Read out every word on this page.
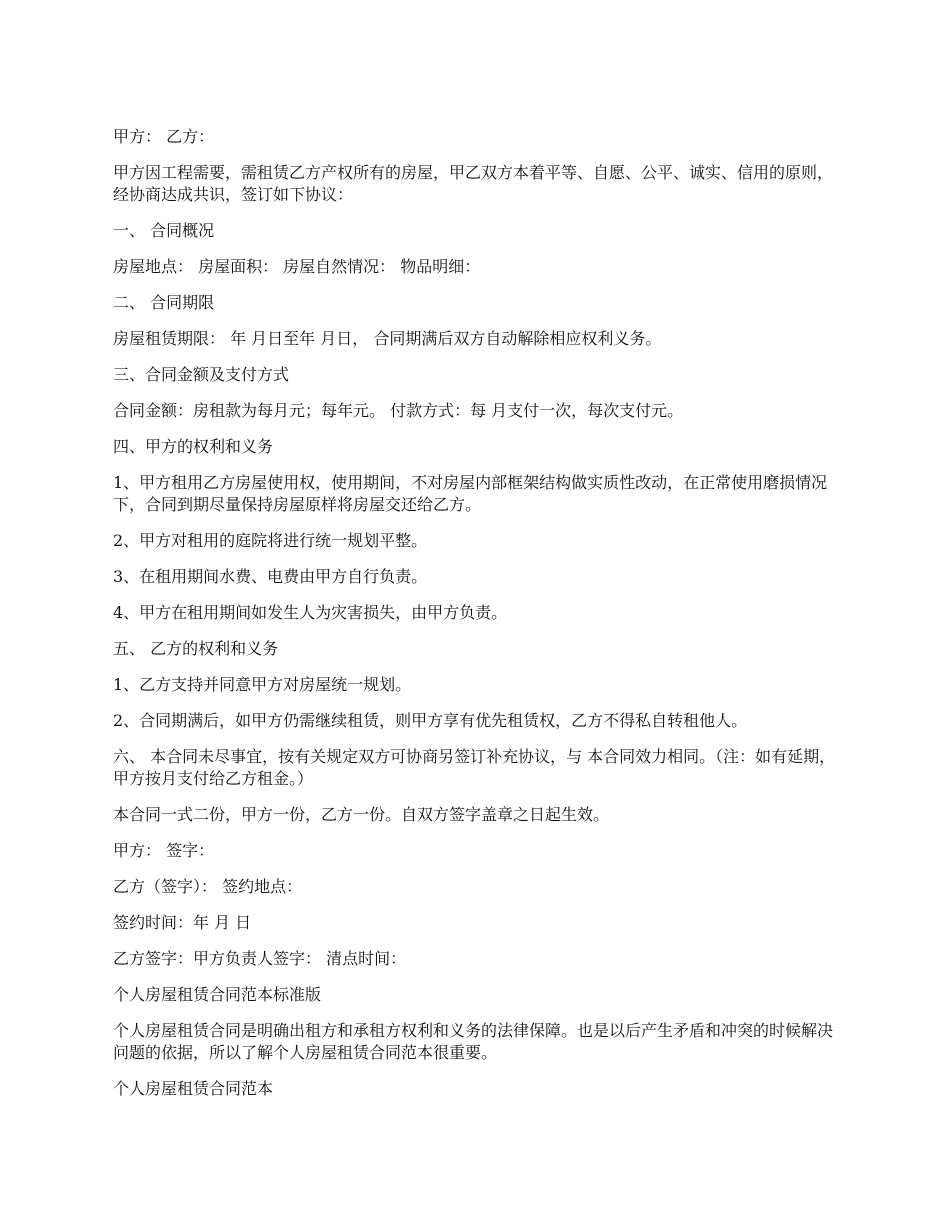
甲方： 乙方：

甲方因工程需要，需租赁乙方产权所有的房屋，甲乙双方本着平等、自愿、公平、诚实、信用的原则，经协商达成共识，签订如下协议：

一、 合同概况

房屋地点： 房屋面积： 房屋自然情况： 物品明细：

二、 合同期限

房屋租赁期限： 年 月日至年 月日， 合同期满后双方自动解除相应权利义务。

三、合同金额及支付方式

合同金额：房租款为每月元；每年元。 付款方式：每 月支付一次，每次支付元。

四、甲方的权利和义务

1、甲方租用乙方房屋使用权，使用期间，不对房屋内部框架结构做实质性改动，在正常使用磨损情况下，合同到期尽量保持房屋原样将房屋交还给乙方。

2、甲方对租用的庭院将进行统一规划平整。

3、在租用期间水费、电费由甲方自行负责。

4、甲方在租用期间如发生人为灾害损失，由甲方负责。

五、 乙方的权利和义务

1、乙方支持并同意甲方对房屋统一规划。

2、合同期满后，如甲方仍需继续租赁，则甲方享有优先租赁权，乙方不得私自转租他人。

六、 本合同未尽事宜，按有关规定双方可协商另签订补充协议，与 本合同效力相同。（注：如有延期，甲方按月支付给乙方租金。）

本合同一式二份，甲方一份，乙方一份。自双方签字盖章之日起生效。

甲方： 签字：

乙方（签字）： 签约地点：

签约时间：年 月 日

乙方签字：甲方负责人签字： 清点时间：

个人房屋租赁合同范本标准版

个人房屋租赁合同是明确出租方和承租方权利和义务的法律保障。也是以后产生矛盾和冲突的时候解决问题的依据，所以了解个人房屋租赁合同范本很重要。

个人房屋租赁合同范本
